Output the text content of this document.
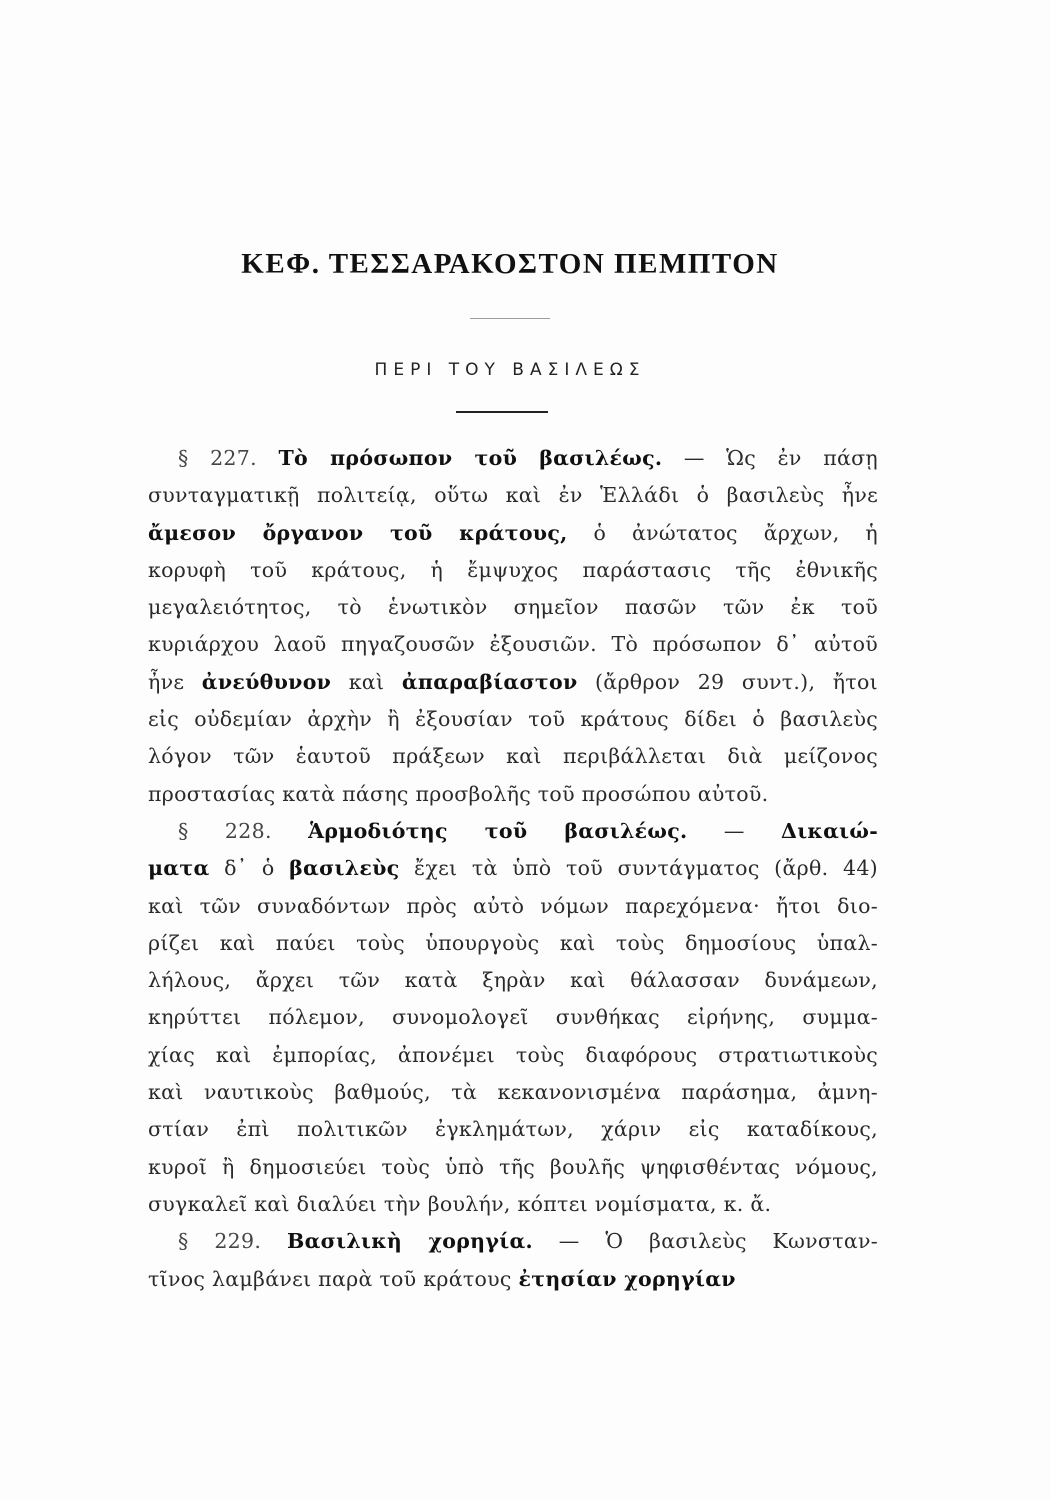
ΚΕΦ. ΤΕΣΣΑΡΑΚΟΣΤΟΝ ΠΕΜΠΤΟΝ
ΠΕΡΙ ΤΟΥ ΒΑΣΙΛΕΩΣ
§ 227. Τὸ πρόσωπον τοῦ βασιλέως. — Ὡς ἐν πάσῃ
συνταγματικῇ πολιτείᾳ, οὕτω καὶ ἐν Ἑλλάδι ὁ βασιλεὺς ἦνε
ἄμεσον ὄργανον τοῦ κράτους, ὁ ἀνώτατος ἄρχων, ἡ
κορυφὴ τοῦ κράτους, ἡ ἔμψυχος παράστασις τῆς ἐθνικῆς
μεγαλειότητος, τὸ ἑνωτικὸν σημεῖον πασῶν τῶν ἐκ τοῦ
κυριάρχου λαοῦ πηγαζουσῶν ἐξουσιῶν. Τὸ πρόσωπον δ᾽ αὐτοῦ
ἦνε ἀνεύθυνον καὶ ἀπαραβίαστον (ἄρθρον 29 συντ.), ἤτοι
εἰς οὐδεμίαν ἀρχὴν ἢ ἐξουσίαν τοῦ κράτους δίδει ὁ βασιλεὺς
λόγον τῶν ἑαυτοῦ πράξεων καὶ περιβάλλεται διὰ μείζονος
προστασίας κατὰ πάσης προσβολῆς τοῦ προσώπου αὐτοῦ.
§ 228. Ἁρμοδιότης τοῦ βασιλέως. — Δικαιώ-
ματα δ᾽ ὁ βασιλεὺς ἔχει τὰ ὑπὸ τοῦ συντάγματος (ἄρθ. 44)
καὶ τῶν συναδόντων πρὸς αὐτὸ νόμων παρεχόμενα· ἤτοι διο-
ρίζει καὶ παύει τοὺς ὑπουργοὺς καὶ τοὺς δημοσίους ὑπαλ-
λήλους, ἄρχει τῶν κατὰ ξηρὰν καὶ θάλασσαν δυνάμεων,
κηρύττει πόλεμον, συνομολογεῖ συνθήκας εἰρήνης, συμμα-
χίας καὶ ἐμπορίας, ἀπονέμει τοὺς διαφόρους στρατιωτικοὺς
καὶ ναυτικοὺς βαθμούς, τὰ κεκανονισμένα παράσημα, ἀμνη-
στίαν ἐπὶ πολιτικῶν ἐγκλημάτων, χάριν εἰς καταδίκους,
κυροῖ ἢ δημοσιεύει τοὺς ὑπὸ τῆς βουλῆς ψηφισθέντας νόμους,
συγκαλεῖ καὶ διαλύει τὴν βουλήν, κόπτει νομίσματα, κ. ἄ.
§ 229. Βασιλικὴ χορηγία. — Ὁ βασιλεὺς Κωνσταν-
τῖνος λαμβάνει παρὰ τοῦ κράτους ἐτησίαν χορηγίαν
